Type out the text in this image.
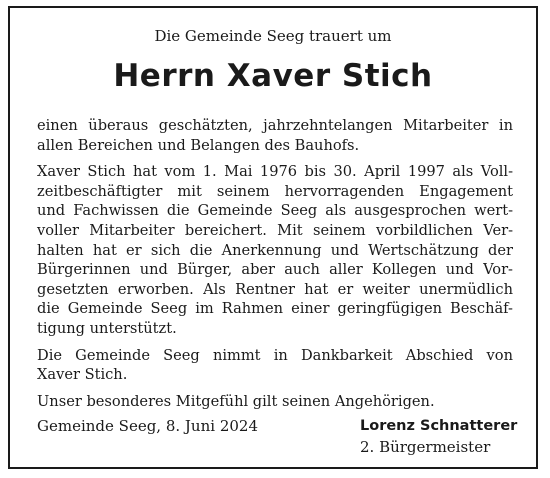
Die Gemeinde Seeg trauert um
Herrn Xaver Stich

einen überaus geschätzten, jahrzehntelangen Mitarbeiter in
allen Bereichen und Belangen des Bauhofs.

Xaver Stich hat vom 1. Mai 1976 bis 30. April 1997 als Voll-
zeitbeschäftigter mit seinem hervorragenden Engagement
und Fachwissen die Gemeinde Seeg als ausgesprochen wert-
voller Mitarbeiter bereichert. Mit seinem vorbildlichen Ver-
halten hat er sich die Anerkennung und Wertschätzung der
Bürgerinnen und Bürger, aber auch aller Kollegen und Vor-
gesetzten erworben. Als Rentner hat er weiter unermüdlich
die Gemeinde Seeg im Rahmen einer geringfügigen Beschäf-
tigung unterstützt.

Die Gemeinde Seeg nimmt in Dankbarkeit Abschied von
Xaver Stich.

Unser besonderes Mitgefühl gilt seinen Angehörigen.

Gemeinde Seeg, 8. Juni 2024	Lorenz Schnatterer
2. Bürgermeister
